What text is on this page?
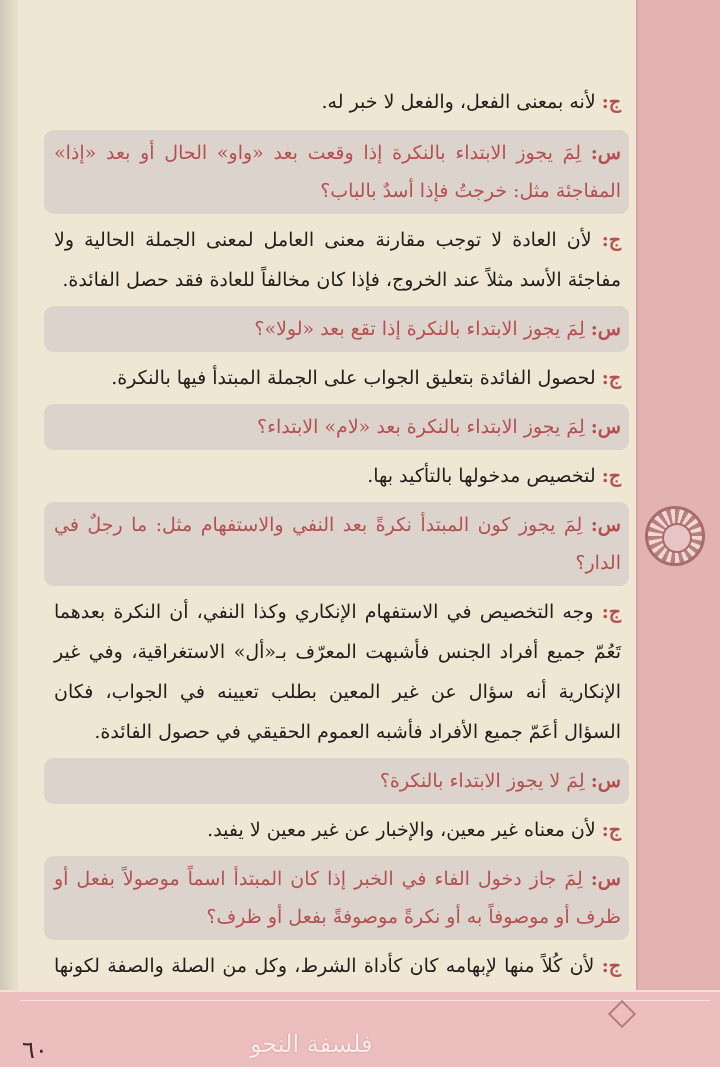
ج: لأنه بمعنى الفعل، والفعل لا خبر له.

س: لِمَ يجوز الابتداء بالنكرة إذا وقعت بعد «واو» الحال أو بعد «إذا» المفاجئة مثل: خرجتُ فإذا أسدٌ بالباب؟

ج: لأن العادة لا توجب مقارنة معنى العامل لمعنى الجملة الحالية ولا مفاجئة الأسد مثلاً عند الخروج، فإذا كان مخالفاً للعادة فقد حصل الفائدة.

س: لِمَ يجوز الابتداء بالنكرة إذا تقع بعد «لولا»؟

ج: لحصول الفائدة بتعليق الجواب على الجملة المبتدأ فيها بالنكرة.

س: لِمَ يجوز الابتداء بالنكرة بعد «لام» الابتداء؟

ج: لتخصيص مدخولها بالتأكيد بها.

س: لِمَ يجوز كون المبتدأ نكرةً بعد النفي والاستفهام مثل: ما رجلٌ في الدار؟

ج: وجه التخصيص في الاستفهام الإنكاري وكذا النفي، أن النكرة بعدهما تَعُمّ جميع أفراد الجنس فأشبهت المعرّف بـ«أل» الاستغراقية، وفي غير الإنكارية أنه سؤال عن غير المعين بطلب تعيينه في الجواب، فكان السؤال أعَمّ جميع الأفراد فأشبه العموم الحقيقي في حصول الفائدة.

س: لِمَ لا يجوز الابتداء بالنكرة؟

ج: لأن معناه غير معين، والإخبار عن غير معين لا يفيد.

س: لِمَ جاز دخول الفاء في الخبر إذا كان المبتدأ اسماً موصولاً بفعل أو ظرف أو موصوفاً به أو نكرةً موصوفةً بفعل أو ظرف؟

ج: لأن كُلاً منها لإبهامه كان كأداة الشرط، وكل من الصلة والصفة لكونها

فلسفة النحو
٦٠
